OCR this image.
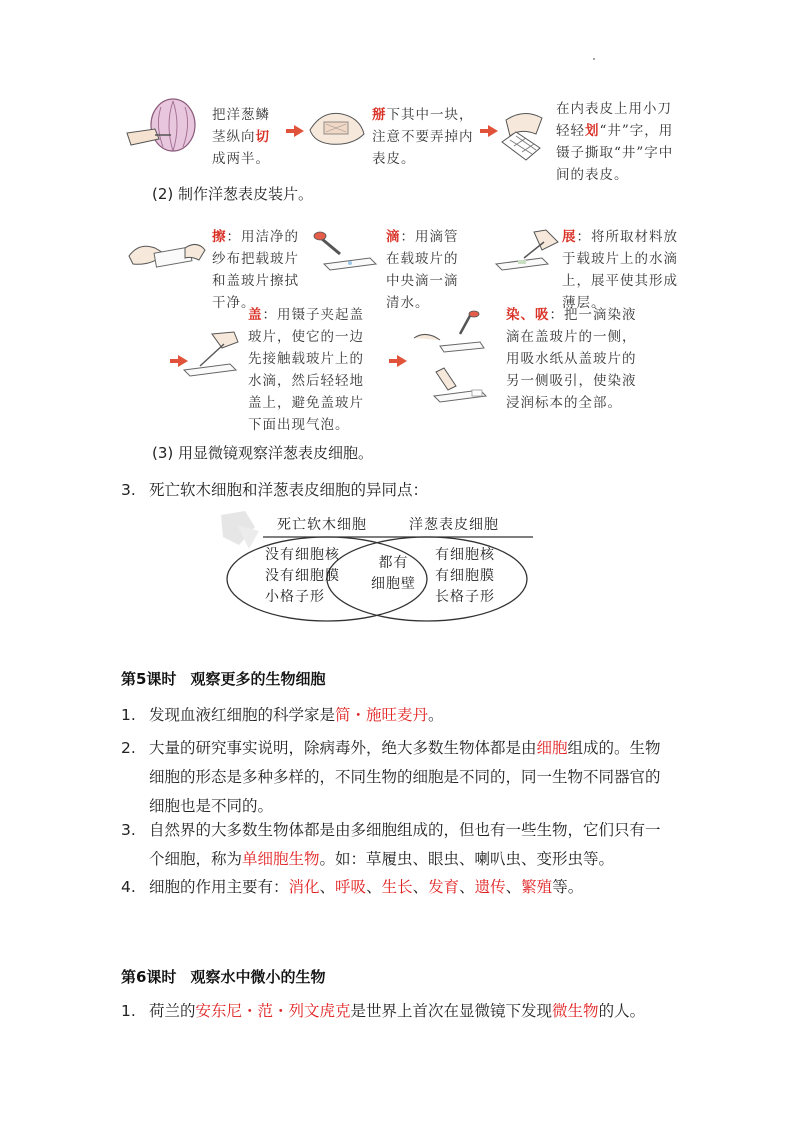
把洋葱鳞茎纵向切成两半。
掰下其中一块，注意不要弄掉内表皮。
在内表皮上用小刀轻轻划“井”字，用镊子撕取“井”字中间的表皮。
(2) 制作洋葱表皮装片。
擦：用洁净的纱布把载玻片和盖玻片擦拭干净。
滴：用滴管在载玻片的中央滴一滴清水。
展：将所取材料放于载玻片上的水滴上，展平使其形成薄层。
盖：用镊子夹起盖玻片，使它的一边先接触载玻片上的水滴，然后轻轻地盖上，避免盖玻片下面出现气泡。
染、吸：把一滴染液滴在盖玻片的一侧，用吸水纸从盖玻片的另一侧吸引，使染液浸润标本的全部。
(3) 用显微镜观察洋葱表皮细胞。
3. 死亡软木细胞和洋葱表皮细胞的异同点：
死亡软木细胞	洋葱表皮细胞
没有细胞核
没有细胞膜
小格子形
都有
细胞壁
有细胞核
有细胞膜
长格子形
第5课时 观察更多的生物细胞
1. 发现血液红细胞的科学家是简・施旺麦丹。
2. 大量的研究事实说明，除病毒外，绝大多数生物体都是由细胞组成的。生物
细胞的形态是多种多样的，不同生物的细胞是不同的，同一生物不同器官的
细胞也是不同的。
3. 自然界的大多数生物体都是由多细胞组成的，但也有一些生物，它们只有一
个细胞，称为单细胞生物。如：草履虫、眼虫、喇叭虫、变形虫等。
4. 细胞的作用主要有：消化、呼吸、生长、发育、遗传、繁殖等。
第6课时 观察水中微小的生物
1. 荷兰的安东尼・范・列文虎克是世界上首次在显微镜下发现微生物的人。
